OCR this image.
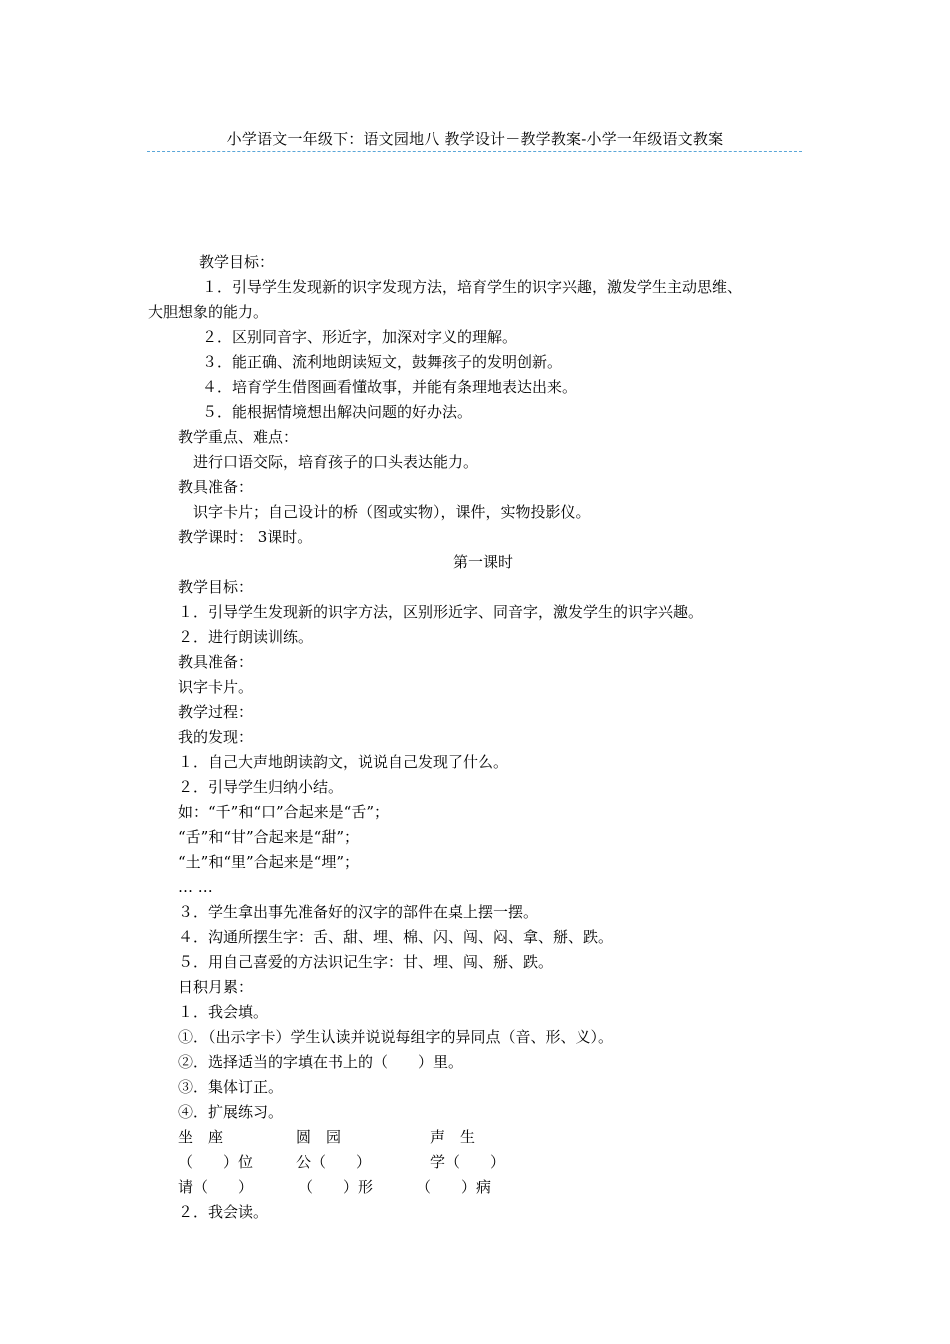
小学语文一年级下：语文园地八 教学设计－教学教案-小学一年级语文教案
教学目标：
１．引导学生发现新的识字发现方法，培育学生的识字兴趣，激发学生主动思维、
大胆想象的能力。
２．区别同音字、形近字，加深对字义的理解。
３．能正确、流利地朗读短文，鼓舞孩子的发明创新。
４．培育学生借图画看懂故事，并能有条理地表达出来。
５．能根据情境想出解决问题的好办法。
教学重点、难点：
进行口语交际，培育孩子的口头表达能力。
教具准备：
识字卡片；自己设计的桥（图或实物），课件，实物投影仪。
教学课时： 3课时。
第一课时
教学目标：
１．引导学生发现新的识字方法，区别形近字、同音字，激发学生的识字兴趣。
２．进行朗读训练。
教具准备：
识字卡片。
教学过程：
我的发现：
１．自己大声地朗读韵文，说说自己发现了什么。
２．引导学生归纳小结。
如：“千”和“口”合起来是“舌”；
“舌”和“甘”合起来是“甜”；
“土”和“里”合起来是“埋”；
… …
３．学生拿出事先准备好的汉字的部件在桌上摆一摆。
４．沟通所摆生字：舌、甜、埋、棉、闪、闯、闷、拿、掰、跌。
５．用自己喜爱的方法识记生字：甘、埋、闯、掰、跌。
日积月累：
１．我会填。
①．（出示字卡）学生认读并说说每组字的异同点（音、形、义）。
②．选择适当的字填在书上的（　　）里。
③．集体订正。
④．扩展练习。
坐　座	圆　园	声　生
（　　）位	公（　　）	学（　　）
请（　　）	（　　）形	（　　）病
２．我会读。
